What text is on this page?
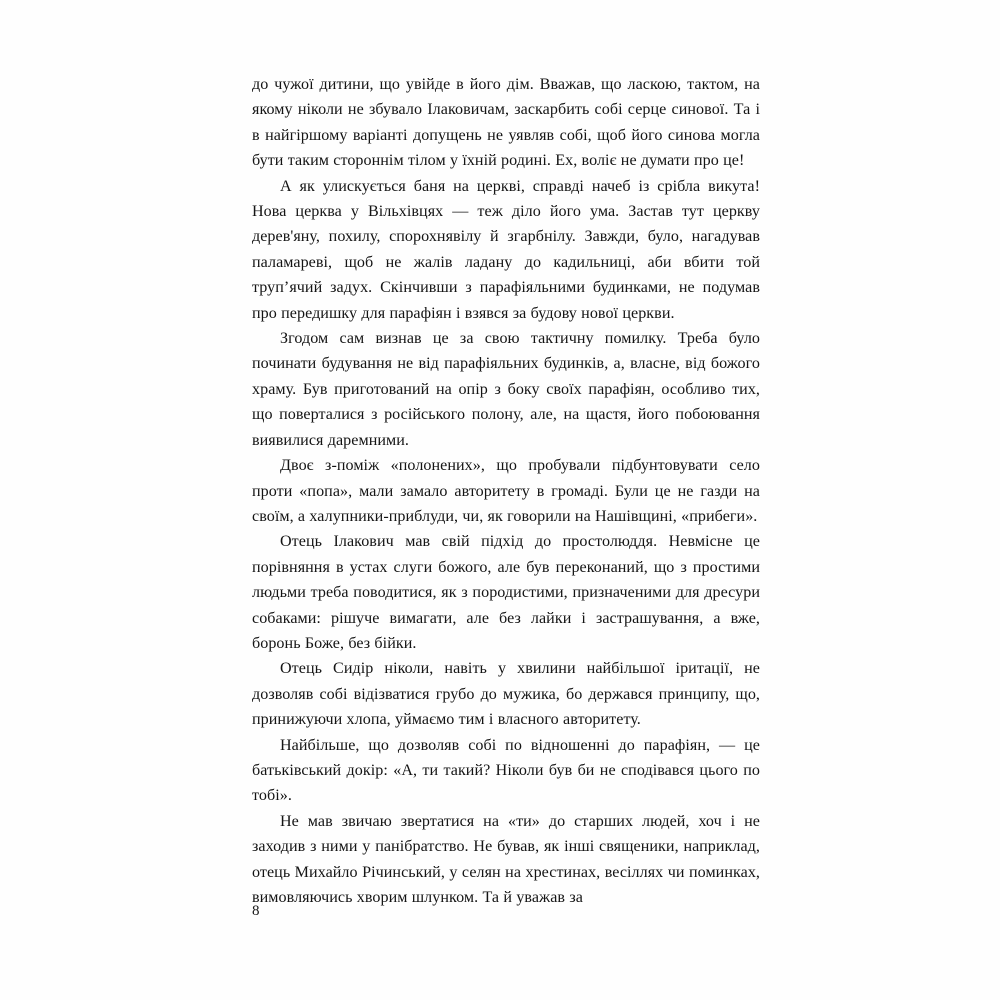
до чужої дитини, що увійде в його дім. Вважав, що ласкою, тактом, на якому ніколи не збувало Ілаковичам, заскарбить собі серце синової. Та і в найгіршому варіанті допущень не уявляв собі, щоб його синова могла бути таким стороннім тілом у їхній родині. Ех, воліє не думати про це!

А як улискується баня на церкві, справді начеб із срібла викута! Нова церква у Вільхівцях — теж діло його ума. Застав тут церкву дерев'яну, похилу, спорохнявілу й згарбнілу. Завжди, було, нагадував паламареві, щоб не жалів ладану до кадильниці, аби вбити той трупʼячий задух. Скінчивши з парафіяльними будинками, не подумав про передишку для парафіян і взявся за будову нової церкви.

Згодом сам визнав це за свою тактичну помилку. Треба було починати будування не від парафіяльних будинків, а, власне, від божого храму. Був приготований на опір з боку своїх парафіян, особливо тих, що поверталися з російського полону, але, на щастя, його побоювання виявилися даремними.

Двоє з-поміж «полонених», що пробували підбунтовувати село проти «попа», мали замало авторитету в громаді. Були це не газди на своїм, а халупники-приблуди, чи, як говорили на Нашівщині, «прибеги».

Отець Ілакович мав свій підхід до простолюддя. Невмісне це порівняння в устах слуги божого, але був переконаний, що з простими людьми треба поводитися, як з породистими, призначеними для дресури собаками: рішуче вимагати, але без лайки і застрашування, а вже, боронь Боже, без бійки.

Отець Сидір ніколи, навіть у хвилини найбільшої іритації, не дозволяв собі відізватися грубо до мужика, бо держався принципу, що, принижуючи хлопа, уймаємо тим і власного авторитету.

Найбільше, що дозволяв собі по відношенні до парафіян, — це батьківський докір: «А, ти такий? Ніколи був би не сподівався цього по тобі».

Не мав звичаю звертатися на «ти» до старших людей, хоч і не заходив з ними у панібратство. Не бував, як інші священики, наприклад, отець Михайло Річинський, у селян на хрестинах, весіллях чи поминках, вимовляючись хворим шлунком. Та й уважав за

8
